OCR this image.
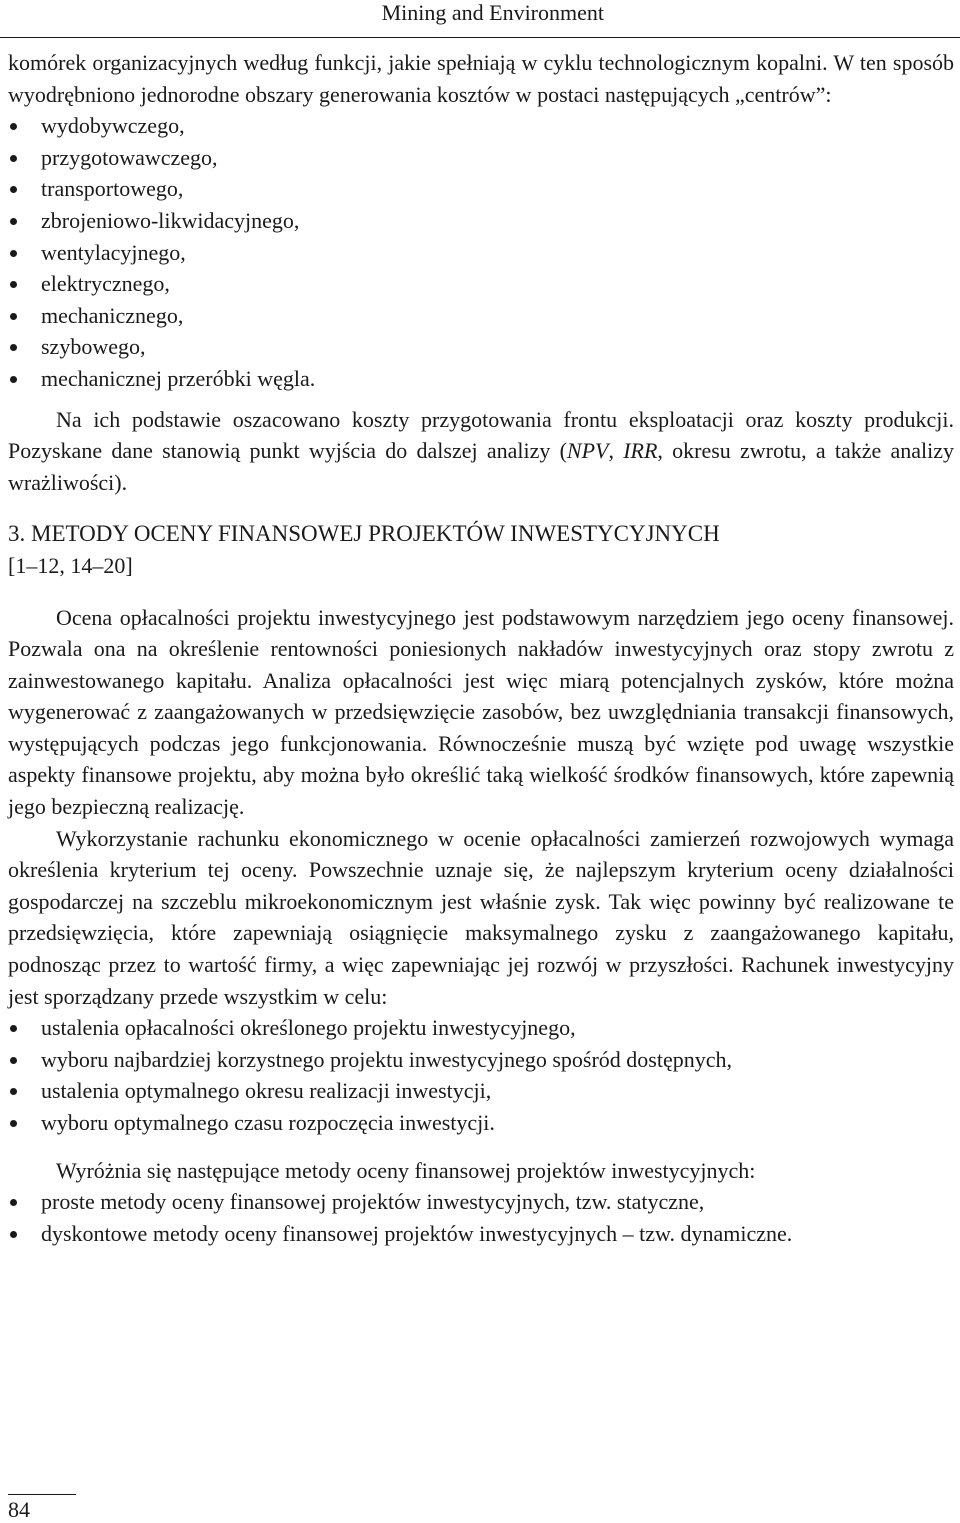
Mining and Environment

komórek organizacyjnych według funkcji, jakie spełniają w cyklu technologicznym kopalni. W ten sposób wyodrębniono jednorodne obszary generowania kosztów w postaci następujących „centrów”:

wydobywczego,
przygotowawczego,
transportowego,
zbrojeniowo-likwidacyjnego,
wentylacyjnego,
elektrycznego,
mechanicznego,
szybowego,
mechanicznej przeróbki węgla.

Na ich podstawie oszacowano koszty przygotowania frontu eksploatacji oraz koszty produkcji. Pozyskane dane stanowią punkt wyjścia do dalszej analizy (NPV, IRR, okresu zwrotu, a także analizy wrażliwości).

3. METODY OCENY FINANSOWEJ PROJEKTÓW INWESTYCYJNYCH

[1–12, 14–20]

Ocena opłacalności projektu inwestycyjnego jest podstawowym narzędziem jego oceny finansowej. Pozwala ona na określenie rentowności poniesionych nakładów inwestycyjnych oraz stopy zwrotu z zainwestowanego kapitału. Analiza opłacalności jest więc miarą potencjalnych zysków, które można wygenerować z zaangażowanych w przedsięwzięcie zasobów, bez uwzględniania transakcji finansowych, występujących podczas jego funkcjonowania. Równocześnie muszą być wzięte pod uwagę wszystkie aspekty finansowe projektu, aby można było określić taką wielkość środków finansowych, które zapewnią jego bezpieczną realizację.

Wykorzystanie rachunku ekonomicznego w ocenie opłacalności zamierzeń rozwojowych wymaga określenia kryterium tej oceny. Powszechnie uznaje się, że najlepszym kryterium oceny działalności gospodarczej na szczeblu mikroekonomicznym jest właśnie zysk. Tak więc powinny być realizowane te przedsięwzięcia, które zapewniają osiągnięcie maksymalnego zysku z zaangażowanego kapitału, podnosząc przez to wartość firmy, a więc zapewniając jej rozwój w przyszłości. Rachunek inwestycyjny jest sporządzany przede wszystkim w celu:

ustalenia opłacalności określonego projektu inwestycyjnego,
wyboru najbardziej korzystnego projektu inwestycyjnego spośród dostępnych,
ustalenia optymalnego okresu realizacji inwestycji,
wyboru optymalnego czasu rozpoczęcia inwestycji.

Wyróżnia się następujące metody oceny finansowej projektów inwestycyjnych:

proste metody oceny finansowej projektów inwestycyjnych, tzw. statyczne,
dyskontowe metody oceny finansowej projektów inwestycyjnych – tzw. dynamiczne.
84
